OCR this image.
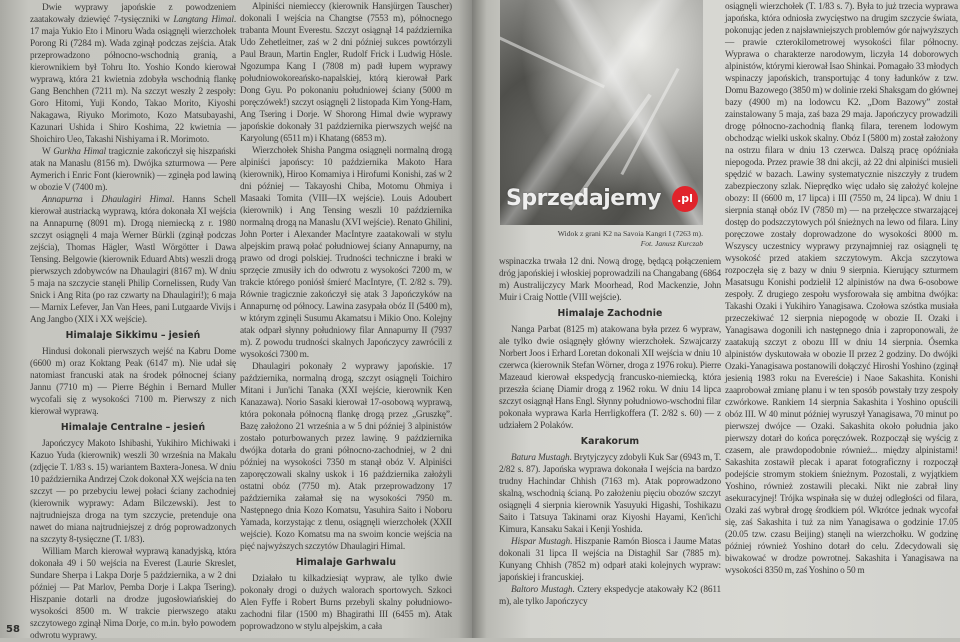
Dwie wyprawy japońskie z powodzeniem zaatakowały dziewięć 7-tysięczniki w Langtang Himal. 17 maja Yukio Eto i Minoru Wada osiągnęli wierzchołek Porong Ri (7284 m). Wada zginął podczas zejścia. Atak przeprowadzono północno-wschodnią granią, a kierownikiem był Tohru Ito. Yoshio Kondo kierował wyprawą, która 21 kwietnia zdobyła wschodnią flankę Gang Benchhen (7211 m). Na szczyt weszły 2 zespoły: Goro Hitomi, Yuji Kondo, Takao Morito, Kiyoshi Nakagawa, Riyuko Morimoto, Kozo Matsubayashi, Kazunari Ushida i Shiro Koshima, 22 kwietnia — Shoichiro Ueo, Takashi Nishiyama i R. Morimoto.

W Gurkha Himal tragicznie zakończył się hiszpański atak na Manaslu (8156 m). Dwójka szturmowa — Pere Aymerich i Enric Font (kierownik) — zginęła pod lawiną w obozie V (7400 m).

Annapurna i Dhaulagiri Himal. Hanns Schell kierował austriacką wyprawą, która dokonała XI wejścia na Annapurnę (8091 m). Drogą niemiecką z r. 1980 szczyt osiągnęli 4 maja Werner Bürkli (zginął podczas zejścia), Thomas Hägler, Wastl Wörgötter i Dawa Tensing. Belgowie (kierownik Eduard Abts) weszli drogą pierwszych zdobywców na Dhaulagiri (8167 m). W dniu 5 maja na szczycie stanęli Philip Cornelissen, Rudy Van Snick i Ang Rita (po raz czwarty na Dhaulagiri!); 6 maja — Marnix Lefever, Jan Van Hees, pani Lutgaarde Vivijs i Ang Jangbo (XIX i XX wejście).

Himalaje Sikkimu – jesień

Hindusi dokonali pierwszych wejść na Kabru Dome (6600 m) oraz Koktang Peak (6147 m). Nie udał się natomiast francuski atak na środek północnej ściany Jannu (7710 m) — Pierre Béghin i Bernard Muller wycofali się z wysokości 7100 m. Pierwszy z nich kierował wyprawą.

Himalaje Centralne – jesień

Japończycy Makoto Ishibashi, Yukihiro Michiwaki i Kazuo Yuda (kierownik) weszli 30 września na Makalu (zdjęcie T. 1/83 s. 15) wariantem Baxtera-Jonesa. W dniu 10 października Andrzej Czok dokonał XX wejścia na ten szczyt — po przebyciu lewej połaci ściany zachodniej (kierownik wyprawy: Adam Bilczewski). Jest to najtrudniejsza droga na tym szczycie, pretenduje ona nawet do miana najtrudniejszej z dróg poprowadzonych na szczyty 8-tysięczne (T. 1/83).

William March kierował wyprawą kanadyjską, która dokonała 49 i 50 wejścia na Everest (Laurie Skreslet, Sundare Sherpa i Lakpa Dorje 5 października, a w 2 dni później — Pat Marlov, Pemba Dorje i Lakpa Tsering). Hiszpanie dotarli na drodze jugosłowiańskiej do wysokości 8500 m. W trakcie pierwszego ataku szczytowego zginął Nima Dorje, co m.in. było powodem odwrotu wyprawy.

Alpiniści niemieccy (kierownik Hansjürgen Tauscher) dokonali I wejścia na Changtse (7553 m), północnego trabanta Mount Everestu. Szczyt osiągnął 14 października Udo Zehetleitner, zaś w 2 dni później sukces powtórzyli Paul Braun, Martin Engler, Rudolf Frick i Ludwig Hösle. Ngozumpa Kang I (7808 m) padł łupem wyprawy południowokoreańsko-napalskiej, którą kierował Park Dong Gyu. Po pokonaniu południowej ściany (5000 m poręczówek!) szczyt osiągnęli 2 listopada Kim Yong-Ham, Ang Tsering i Dorje. W Shorong Himal dwie wyprawy japońskie dokonały 31 października pierwszych wejść na Karyolung (6511 m) i Khatang (6853 m).

Wierzchołek Shisha Pangma osiągnęli normalną drogą alpiniści japońscy: 10 października Makoto Hara (kierownik), Hiroo Komamiya i Hirofumi Konishi, zaś w 2 dni później — Takayoshi Chiba, Motomu Ohmiya i Masaaki Tomita (VIII—IX wejście). Louis Adoubert (kierownik) i Ang Tensing weszli 10 października normalną drogą na Manaslu (XVI wejście). Renato Ghilini, John Porter i Alexander MacIntyre zaatakowali w stylu alpejskim prawą połać południowej ściany Annapurny, na prawo od drogi polskiej. Trudności techniczne i braki w sprzęcie zmusiły ich do odwrotu z wysokości 7200 m, w trakcie którego poniósł śmierć MacIntyre, (T. 2/82 s. 79). Równie tragicznie zakończył się atak 3 Japończyków na Annapurnę od północy. Lawina zasypała obóz II (5400 m), w którym zginęli Susumu Akamatsu i Mikio Ono. Kolejny atak odparł słynny południowy filar Annapurny II (7937 m). Z powodu trudności skalnych Japończycy zawrócili z wysokości 7300 m.

Dhaulagiri pokonały 2 wyprawy japońskie. 17 października, normalną drogą, szczyt osiągnęli Toichiro Mitani i Jun'ichi Tanaka (XXI wejście, kierownik Ken Kanazawa). Norio Sasaki kierował 17-osobową wyprawą, która pokonała północną flankę drogą przez „Gruszkę”. Bazę założono 21 września a w 5 dni później 3 alpinistów zostało poturbowanych przez lawinę. 9 października dwójka dotarła do grani północno-zachodniej, w 2 dni później na wysokości 7350 m stanął obóz V. Alpiniści zaporęczowali skalny uskok i 16 października założyli ostatni obóz (7750 m). Atak przeprowadzony 17 października załamał się na wysokości 7950 m. Następnego dnia Kozo Komatsu, Yasuhira Saito i Noboru Yamada, korzystając z tlenu, osiągnęli wierzchołek (XXII wejście). Kozo Komatsu ma na swoim koncie wejścia na pięć najwyższych szczytów Dhaulagiri Himal.

Himalaje Garhwalu

Działało tu kilkadziesiąt wypraw, ale tylko dwie pokonały drogi o dużych walorach sportowych. Szkoci Alen Fyffe i Robert Burns przebyli skalny południowo-zachodni filar (1500 m) Bhagirathi III (6455 m). Atak poprowadzono w stylu alpejskim, a cała

Sprzedajemy	.pl
Widok z grani K2 na Savoia Kangri I (7263 m).
Fot. Janusz Kurczab

wspinaczka trwała 12 dni. Nową drogę, będącą połączeniem dróg japońskiej i włoskiej poprowadzili na Changabang (6864 m) Australijczycy Mark Moorhead, Rod Mackenzie, John Muir i Craig Nottle (VIII wejście).

Himalaje Zachodnie

Nanga Parbat (8125 m) atakowana była przez 6 wypraw, ale tylko dwie osiągnęły główny wierzchołek. Szwajcarzy Norbert Joos i Erhard Loretan dokonali XII wejścia w dniu 10 czerwca (kierownik Stefan Wörner, droga z 1976 roku). Pierre Mazeaud kierował ekspedycją francusko-niemiecką, która przeszła ścianę Diamir drogą z 1962 roku. W dniu 14 lipca szczyt osiągnął Hans Engl. Słynny południowo-wschodni filar pokonała wyprawa Karla Herrligkoffera (T. 2/82 s. 60) — z udziałem 2 Polaków.

Karakorum

Batura Mustagh. Brytyjczycy zdobyli Kuk Sar (6943 m, T. 2/82 s. 87). Japońska wyprawa dokonała I wejścia na bardzo trudny Hachindar Chhish (7163 m). Atak poprowadzono skalną, wschodnią ścianą. Po założeniu pięciu obozów szczyt osiągnęli 4 sierpnia kierownik Yasuyuki Higashi, Toshikazu Saito i Tatsuya Takinami oraz Kiyoshi Hayami, Ken'ichi Kimura, Kansaku Sakai i Kenji Yoshida.

Hispar Mustagh. Hiszpanie Ramón Biosca i Jaume Matas dokonali 31 lipca II wejścia na Distaghil Sar (7885 m). Kunyang Chhish (7852 m) odparł ataki kolejnych wypraw: japońskiej i francuskiej.

Baltoro Mustagh. Cztery ekspedycje atakowały K2 (8611 m), ale tylko Japończycy

osiągnęli wierzchołek (T. 1/83 s. 7). Była to już trzecia wyprawa japońska, która odniosła zwycięstwo na drugim szczycie świata, pokonując jeden z najsławniejszych problemów gór najwyższych — prawie czterokilometrowej wysokości filar północny. Wyprawa o charakterze narodowym, liczyła 14 doborowych alpinistów, którymi kierował Isao Shinkai. Pomagało 33 młodych wspinaczy japońskich, transportując 4 tony ładunków z tzw. Domu Bazowego (3850 m) w dolinie rzeki Shaksgam do głównej bazy (4900 m) na lodowcu K2. „Dom Bazowy” został zainstalowany 5 maja, zaś baza 29 maja. Japończycy prowadzili drogę północno-zachodnią flanką filara, terenem lodowym obchodząc wielki uskok skalny. Obóz I (5800 m) został założony na ostrzu filara w dniu 13 czerwca. Dalszą pracę opóźniała niepogoda. Przez prawie 38 dni akcji, aż 22 dni alpiniści musieli spędzić w bazach. Lawiny systematycznie niszczyły z trudem zabezpieczony szlak. Nieprędko więc udało się założyć kolejne obozy: II (6600 m, 17 lipca) i III (7550 m, 24 lipca). W dniu 1 sierpnia stanął obóz IV (7850 m) — na przełęczce stwarzającej dostęp do podszczytowych pól śnieżnych na lewo od filara. Liny poręczowe zostały doprowadzone do wysokości 8000 m. Wszyscy uczestnicy wyprawy przynajmniej raz osiągnęli tę wysokość przed atakiem szczytowym. Akcja szczytowa rozpoczęła się z bazy w dniu 9 sierpnia. Kierujący szturmem Masatsugu Konishi podzielił 12 alpinistów na dwa 6-osobowe zespoły. Z drugiego zespołu wysforowała się ambitna dwójka: Takashi Ozaki i Yukihiro Yanagisawa. Czołowa szóstka musiała przeczekiwać 12 sierpnia niepogodę w obozie II. Ozaki i Yanagisawa dogonili ich następnego dnia i zaproponowali, że zaatakują szczyt z obozu III w dniu 14 sierpnia. Ósemka alpinistów dyskutowała w obozie II przez 2 godziny. Do dwójki Ozaki-Yanagisawa postanowili dołączyć Hiroshi Yoshino (zginął jesienią 1983 roku na Evereście) i Naoe Sakashita. Konishi zaaprobował zmianę planu i w ten sposób powstały trzy zespoły czwórkowe. Rankiem 14 sierpnia Sakashita i Yoshino opuścili obóz III. W 40 minut później wyruszył Yanagisawa, 70 minut po pierwszej dwójce — Ozaki. Sakashita około południa jako pierwszy dotarł do końca poręczówek. Rozpoczął się wyścig z czasem, ale prawdopodobnie również... między alpinistami! Sakashita zostawił plecak i aparat fotograficzny i rozpoczął podejście stromym stokiem śnieżnym. Pozostali, z wyjątkiem Yoshino, również zostawili plecaki. Nikt nie zabrał liny asekuracyjnej! Trójka wspinała się w dużej odległości od filara, Ozaki zaś wybrał drogę środkiem pól. Wkrótce jednak wycofał się, zaś Sakashita i tuż za nim Yanagisawa o godzinie 17.05 (20.05 tzw. czasu Beijing) stanęli na wierzchołku. W godzinę później również Yoshino dotarł do celu. Zdecydowali się biwakować w drodze powrotnej. Sakashita i Yanagisawa na wysokości 8350 m, zaś Yoshino o 50 m

58
